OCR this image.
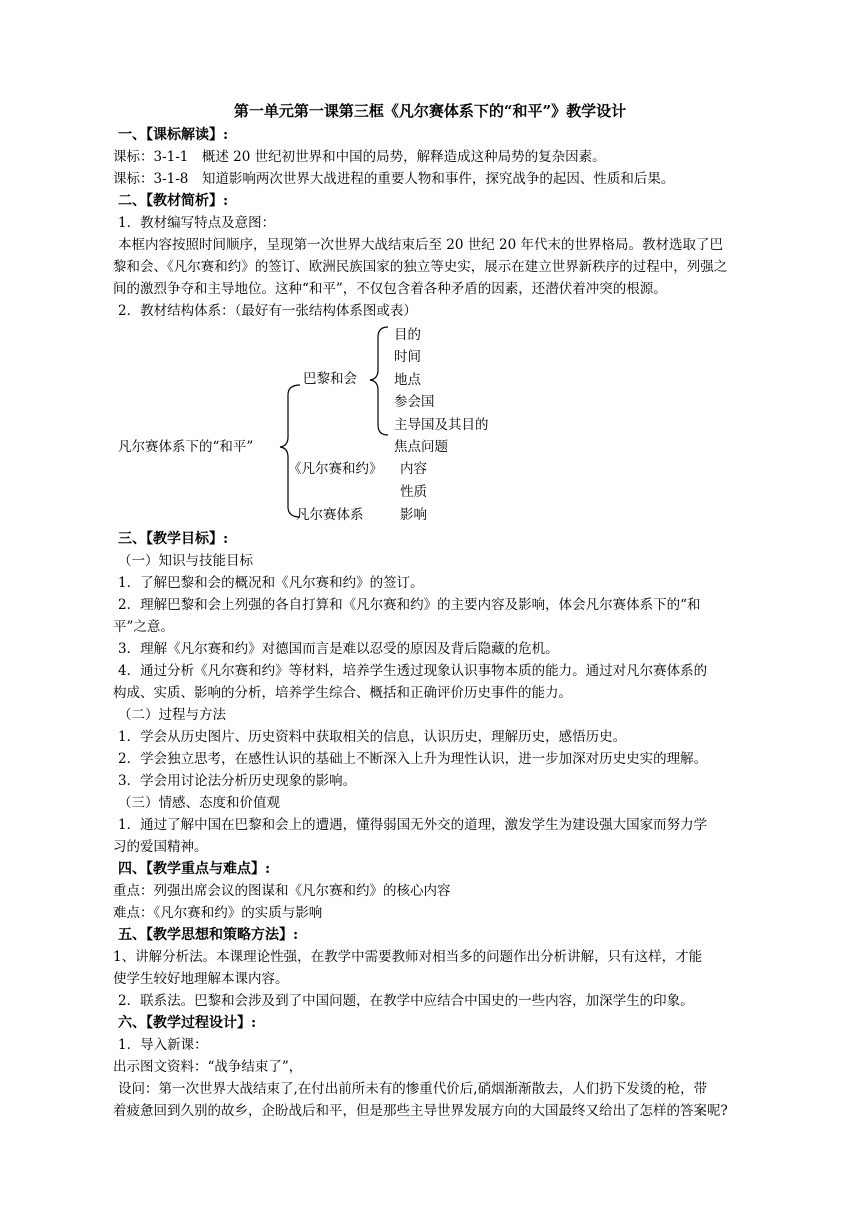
第一单元第一课第三框《凡尔赛体系下的“和平”》教学设计
一、【课标解读】:
课标：3-1-1　概述 20 世纪初世界和中国的局势，解释造成这种局势的复杂因素。
课标：3-1-8　知道影响两次世界大战进程的重要人物和事件，探究战争的起因、性质和后果。
二、【教材简析】:
1．教材编写特点及意图：
本框内容按照时间顺序，呈现第一次世界大战结束后至 20 世纪 20 年代末的世界格局。教材选取了巴
黎和会、《凡尔赛和约》的签订、欧洲民族国家的独立等史实，展示在建立世界新秩序的过程中，列强之
间的激烈争夺和主导地位。这种“和平”，不仅包含着各种矛盾的因素，还潜伏着冲突的根源。
2．教材结构体系：（最好有一张结构体系图或表）
凡尔赛体系下的“和平”
巴黎和会
《凡尔赛和约》
凡尔赛体系
目的
时间
地点
参会国
主导国及其目的
焦点问题
内容
性质
影响
三、【教学目标】:
（一）知识与技能目标
1．了解巴黎和会的概况和《凡尔赛和约》的签订。
2．理解巴黎和会上列强的各自打算和《凡尔赛和约》的主要内容及影响，体会凡尔赛体系下的“和
平”之意。
3．理解《凡尔赛和约》对德国而言是难以忍受的原因及背后隐藏的危机。
4．通过分析《凡尔赛和约》等材料，培养学生透过现象认识事物本质的能力。通过对凡尔赛体系的
构成、实质、影响的分析，培养学生综合、概括和正确评价历史事件的能力。
（二）过程与方法
1．学会从历史图片、历史资料中获取相关的信息，认识历史，理解历史，感悟历史。
2．学会独立思考，在感性认识的基础上不断深入上升为理性认识，进一步加深对历史史实的理解。
3．学会用讨论法分析历史现象的影响。
（三）情感、态度和价值观
1．通过了解中国在巴黎和会上的遭遇，懂得弱国无外交的道理，激发学生为建设强大国家而努力学
习的爱国精神。
四、【教学重点与难点】:
重点：列强出席会议的图谋和《凡尔赛和约》的核心内容
难点：《凡尔赛和约》的实质与影响
五、【教学思想和策略方法】:
1、讲解分析法。本课理论性强，在教学中需要教师对相当多的问题作出分析讲解，只有这样，才能
使学生较好地理解本课内容。
2．联系法。巴黎和会涉及到了中国问题，在教学中应结合中国史的一些内容，加深学生的印象。
六、【教学过程设计】:
1．导入新课：
出示图文资料：“战争结束了”，
设问：第一次世界大战结束了,在付出前所未有的惨重代价后,硝烟渐渐散去，人们扔下发烫的枪，带
着疲惫回到久别的故乡，企盼战后和平，但是那些主导世界发展方向的大国最终又给出了怎样的答案呢?
